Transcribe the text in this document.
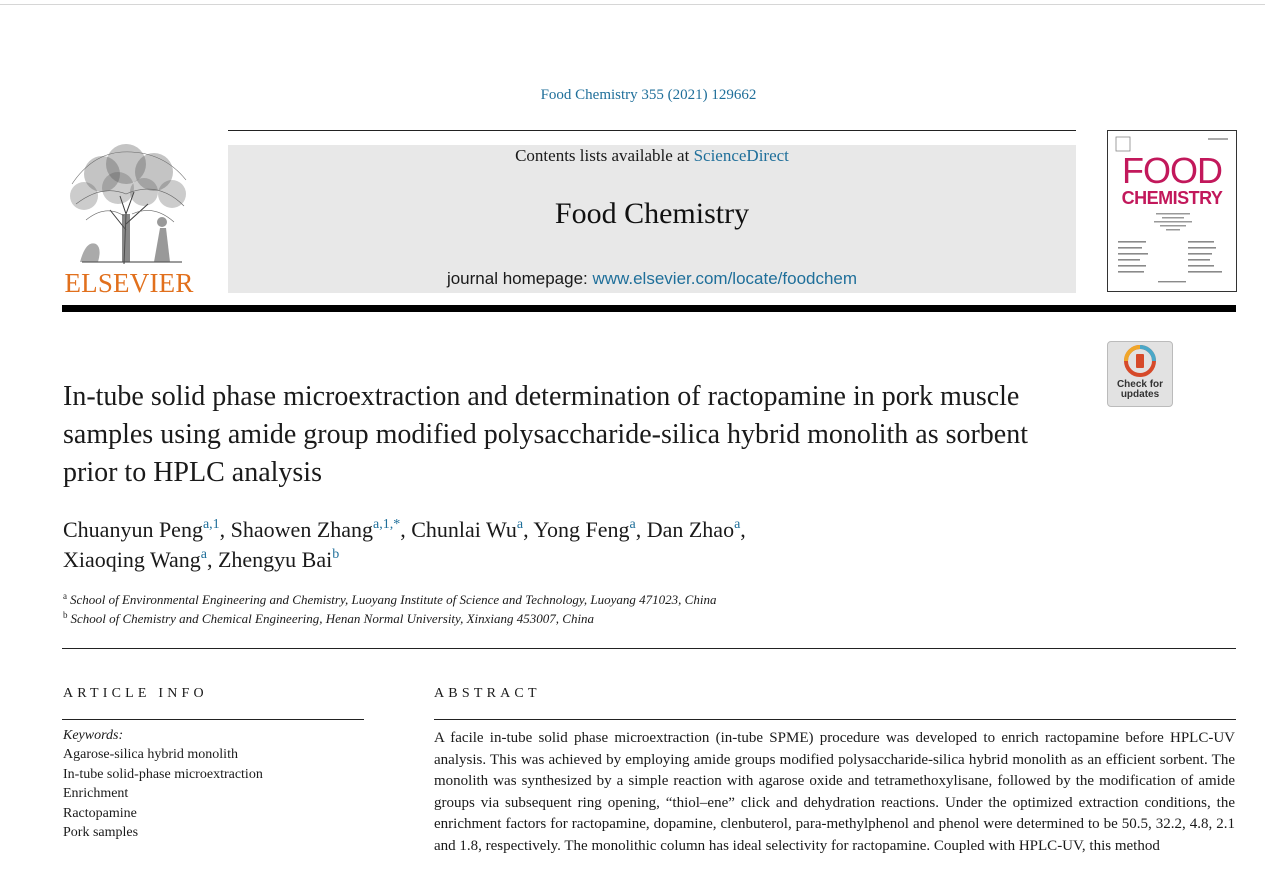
Food Chemistry 355 (2021) 129662
ELSEVIER
Contents lists available at ScienceDirect
Food Chemistry
journal homepage: www.elsevier.com/locate/foodchem
FOOD
CHEMISTRY
Check for
updates
In-tube solid phase microextraction and determination of ractopamine in pork muscle samples using amide group modified polysaccharide-silica hybrid monolith as sorbent prior to HPLC analysis
Chuanyun Peng$^{a,1}$, Shaowen Zhang$^{a,1,*}$, Chunlai Wu$^a$, Yong Feng$^a$, Dan Zhao$^a$,
Xiaoqing Wang$^a$, Zhengyu Bai$^b$
$^a$ School of Environmental Engineering and Chemistry, Luoyang Institute of Science and Technology, Luoyang 471023, China
$^b$ School of Chemistry and Chemical Engineering, Henan Normal University, Xinxiang 453007, China
ARTICLE INFO
Keywords:
Agarose-silica hybrid monolith
In-tube solid-phase microextraction
Enrichment
Ractopamine
Pork samples
ABSTRACT
A facile in-tube solid phase microextraction (in-tube SPME) procedure was developed to enrich ractopamine before HPLC-UV analysis. This was achieved by employing amide groups modified polysaccharide-silica hybrid monolith as an efficient sorbent. The monolith was synthesized by a simple reaction with agarose oxide and tetramethoxylisane, followed by the modification of amide groups via subsequent ring opening, “thiol–ene” click and dehydration reactions. Under the optimized extraction conditions, the enrichment factors for ractopamine, dopamine, clenbuterol, para-methylphenol and phenol were determined to be 50.5, 32.2, 4.8, 2.1 and 1.8, respectively. The monolithic column has ideal selectivity for ractopamine. Coupled with HPLC-UV, this method
